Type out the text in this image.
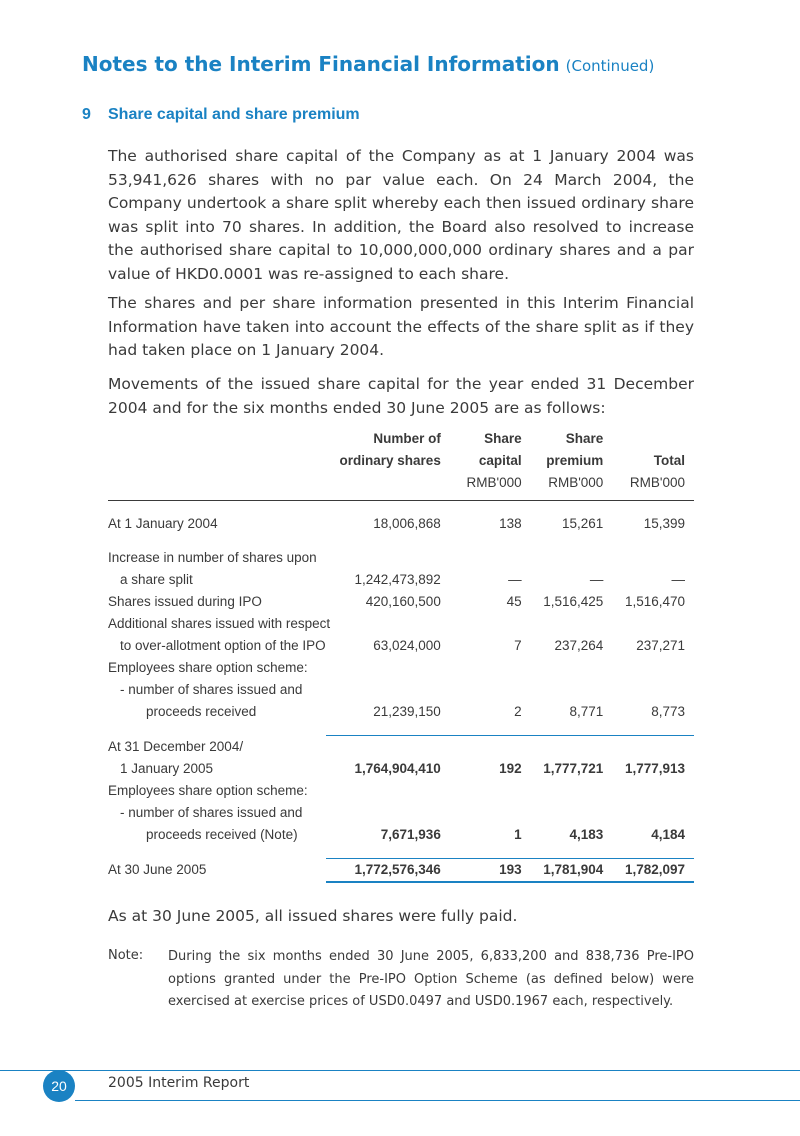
Notes to the Interim Financial Information (Continued)
9 Share capital and share premium
The authorised share capital of the Company as at 1 January 2004 was 53,941,626 shares with no par value each. On 24 March 2004, the Company undertook a share split whereby each then issued ordinary share was split into 70 shares. In addition, the Board also resolved to increase the authorised share capital to 10,000,000,000 ordinary shares and a par value of HKD0.0001 was re-assigned to each share.
The shares and per share information presented in this Interim Financial Information have taken into account the effects of the share split as if they had taken place on 1 January 2004.
Movements of the issued share capital for the year ended 31 December 2004 and for the six months ended 30 June 2005 are as follows:
	Number of	Share	Share	
	ordinary shares	capital	premium	Total
		RMB'000	RMB'000	RMB'000

At 1 January 2004	18,006,868	138	15,261	15,399

Increase in number of shares upon				
a share split	1,242,473,892	—	—	—
Shares issued during IPO	420,160,500	45	1,516,425	1,516,470
Additional shares issued with respect				
to over-allotment option of the IPO	63,024,000	7	237,264	237,271
Employees share option scheme:				
- number of shares issued and				
proceeds received	21,239,150	2	8,771	8,773

At 31 December 2004/				
1 January 2005	1,764,904,410	192	1,777,721	1,777,913
Employees share option scheme:				
- number of shares issued and				
proceeds received (Note)	7,671,936	1	4,183	4,184

At 30 June 2005	1,772,576,346	193	1,781,904	1,782,097
As at 30 June 2005, all issued shares were fully paid.
Note: During the six months ended 30 June 2005, 6,833,200 and 838,736 Pre-IPO options granted under the Pre-IPO Option Scheme (as defined below) were exercised at exercise prices of USD0.0497 and USD0.1967 each, respectively.
20	2005 Interim Report
